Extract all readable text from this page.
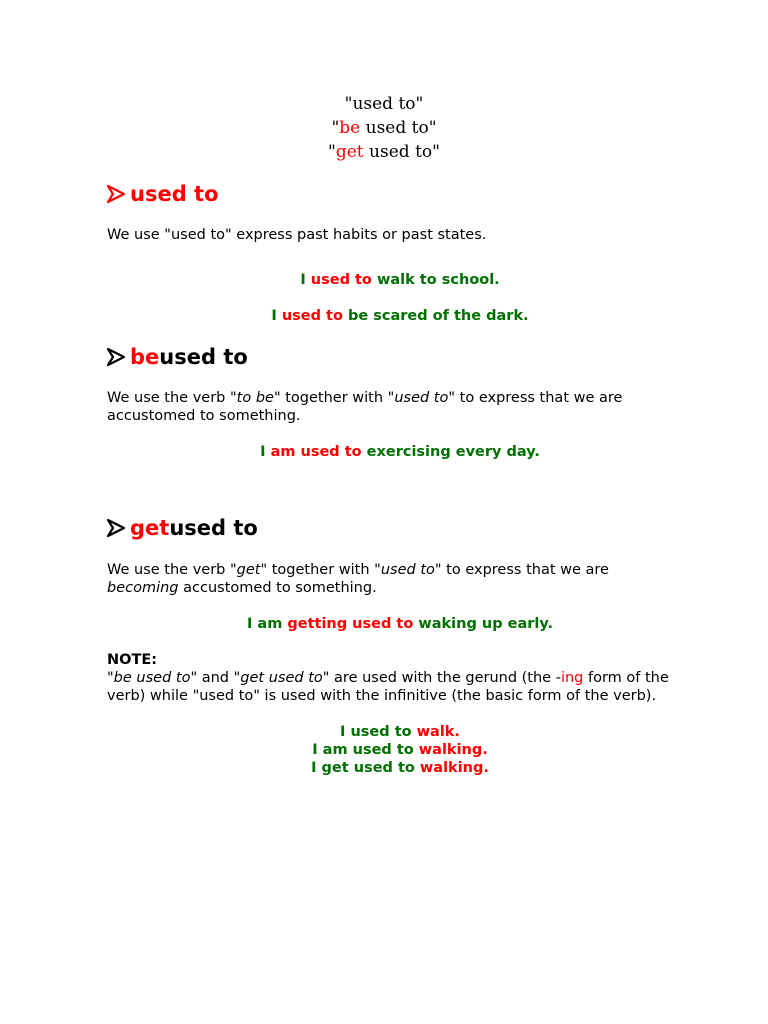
"used to"
"be used to"
"get used to"
used to
We use "used to" express past habits or past states.
I used to walk to school.
I used to be scared of the dark.
be used to
We use the verb "to be" together with "used to" to express that we are accustomed to something.
I am used to exercising every day.
get used to
We use the verb "get" together with "used to" to express that we are becoming accustomed to something.
I am getting used to waking up early.
NOTE:
"be used to" and "get used to" are used with the gerund (the -ing form of the verb) while "used to" is used with the infinitive (the basic form of the verb).
I used to walk.
I am used to walking.
I get used to walking.
